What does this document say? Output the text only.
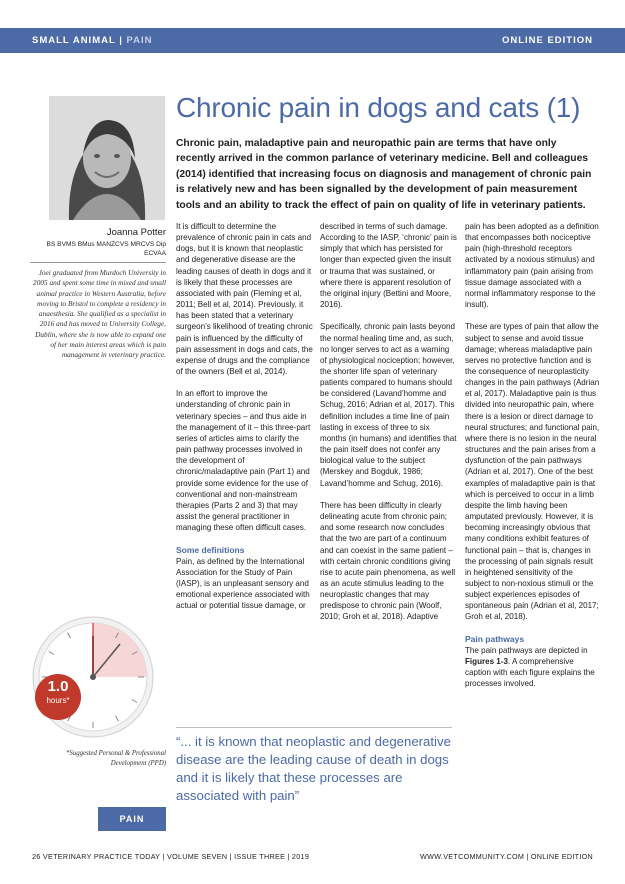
SMALL ANIMAL | PAIN	ONLINE EDITION
Joanna Potter
BS BVMS BMus MANZCVS MRCVS Dip ECVAA
Joei graduated from Murdoch University in 2005 and spent some time in mixed and small animal practice in Western Australia, before moving to Bristol to complete a residency in anaesthesia. She qualified as a specialist in 2016 and has moved to University College, Dublin, where she is now able to expand one of her main interest areas which is pain management in veterinary practice.
1.0
hours*
*Suggested Personal & Professional Development (PPD)
PAIN
Chronic pain in dogs and cats (1)
Chronic pain, maladaptive pain and neuropathic pain are terms that have only recently arrived in the common parlance of veterinary medicine. Bell and colleagues (2014) identified that increasing focus on diagnosis and management of chronic pain is relatively new and has been signalled by the development of pain measurement tools and an ability to track the effect of pain on quality of life in veterinary patients.

It is difficult to determine the prevalence of chronic pain in cats and dogs, but it is known that neoplastic and degenerative disease are the leading causes of death in dogs and it is likely that these processes are associated with pain (Fleming et al, 2011; Bell et al, 2014). Previously, it has been stated that a veterinary surgeon’s likelihood of treating chronic pain is influenced by the difficulty of pain assessment in dogs and cats, the expense of drugs and the compliance of the owners (Bell et al, 2014).

In an effort to improve the understanding of chronic pain in veterinary species – and thus aide in the management of it – this three-part series of articles aims to clarify the pain pathway processes involved in the development of chronic/maladaptive pain (Part 1) and provide some evidence for the use of conventional and non-mainstream therapies (Parts 2 and 3) that may assist the general practitioner in managing these often difficult cases.

Some definitions

Pain, as defined by the International Association for the Study of Pain (IASP), is an unpleasant sensory and emotional experience associated with actual or potential tissue damage, or

described in terms of such damage. According to the IASP, ‘chronic’ pain is simply that which has persisted for longer than expected given the insult or trauma that was sustained, or where there is apparent resolution of the original injury (Bettini and Moore, 2016).

Specifically, chronic pain lasts beyond the normal healing time and, as such, no longer serves to act as a warning of physiological nociception; however, the shorter life span of veterinary patients compared to humans should be considered (Lavand’homme and Schug, 2016; Adrian et al, 2017). This definition includes a time line of pain lasting in excess of three to six months (in humans) and identifies that the pain itself does not confer any biological value to the subject (Merskey and Bogduk, 1986; Lavand’homme and Schug, 2016).

There has been difficulty in clearly delineating acute from chronic pain; and some research now concludes that the two are part of a continuum and can coexist in the same patient – with certain chronic conditions giving rise to acute pain phenomena, as well as an acute stimulus leading to the neuroplastic changes that may predispose to chronic pain (Woolf, 2010; Groh et al, 2018). Adaptive

pain has been adopted as a definition that encompasses both nociceptive pain (high-threshold receptors activated by a noxious stimulus) and inflammatory pain (pain arising from tissue damage associated with a normal inflammatory response to the insult).

These are types of pain that allow the subject to sense and avoid tissue damage; whereas maladaptive pain serves no protective function and is the consequence of neuroplasticity changes in the pain pathways (Adrian et al, 2017). Maladaptive pain is thus divided into neuropathic pain, where there is a lesion or direct damage to neural structures; and functional pain, where there is no lesion in the neural structures and the pain arises from a dysfunction of the pain pathways (Adrian et al, 2017). One of the best examples of maladaptive pain is that which is perceived to occur in a limb despite the limb having been amputated previously. However, it is becoming increasingly obvious that many conditions exhibit features of functional pain – that is, changes in the processing of pain signals result in heightened sensitivity of the subject to non-noxious stimuli or the subject experiences episodes of spontaneous pain (Adrian et al, 2017; Groh et al, 2018).

Pain pathways

The pain pathways are depicted in Figures 1-3. A comprehensive caption with each figure explains the processes involved.

“... it is known that neoplastic and degenerative disease are the leading cause of death in dogs and it is likely that these processes are associated with pain”
26 VETERINARY PRACTICE TODAY | VOLUME SEVEN | ISSUE THREE | 2019	WWW.VETCOMMUNITY.COM | ONLINE EDITION
